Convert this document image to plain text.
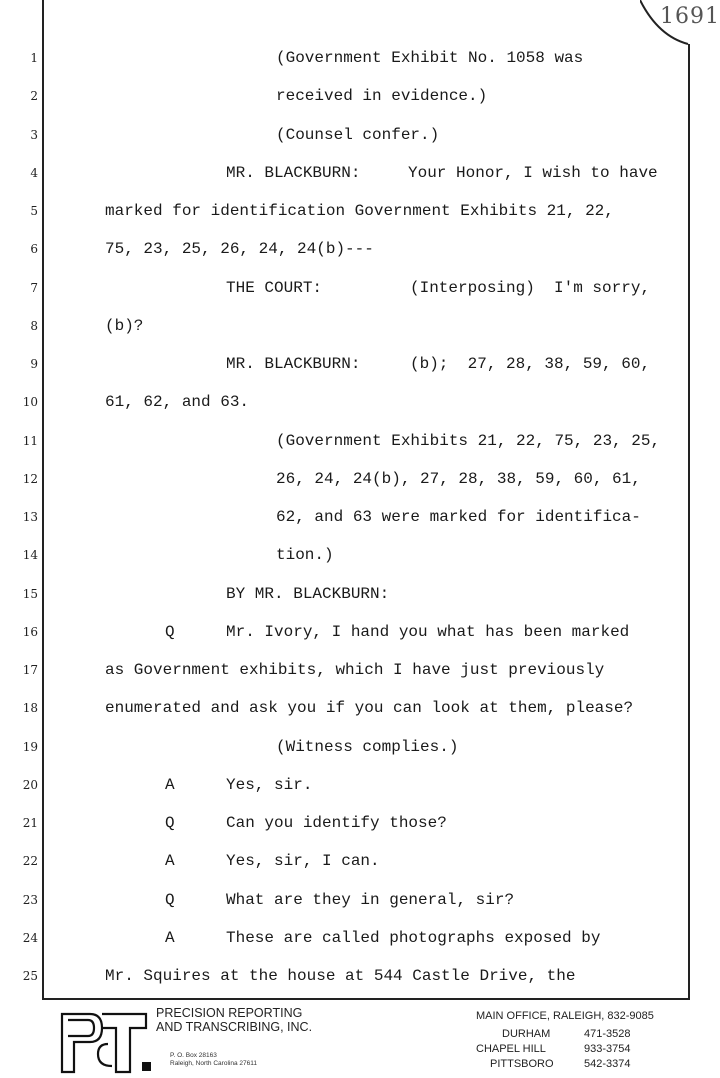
1691
1	(Government Exhibit No. 1058 was
2	received in evidence.)
3	(Counsel confer.)
4	MR. BLACKBURN:	Your Honor, I wish to have
5	marked for identification Government Exhibits 21, 22,
6	75, 23, 25, 26, 24, 24(b)---
7	THE COURT:	(Interposing)  I'm sorry,
8	(b)?
9	MR. BLACKBURN:	(b);  27, 28, 38, 59, 60,
10	61, 62, and 63.
11	(Government Exhibits 21, 22, 75, 23, 25,
12	26, 24, 24(b), 27, 28, 38, 59, 60, 61,
13	62, and 63 were marked for identifica-
14	tion.)
15	BY MR. BLACKBURN:
16	Q	Mr. Ivory, I hand you what has been marked
17	as Government exhibits, which I have just previously
18	enumerated and ask you if you can look at them, please?
19	(Witness complies.)
20	A	Yes, sir.
21	Q	Can you identify those?
22	A	Yes, sir, I can.
23	Q	What are they in general, sir?
24	A	These are called photographs exposed by
25	Mr. Squires at the house at 544 Castle Drive, the
PRECISION REPORTING
AND TRANSCRIBING, INC.
P. O. Box 28163
Raleigh, North Carolina 27611
MAIN OFFICE, RALEIGH, 832-9085
DURHAM	471-3528
CHAPEL HILL	933-3754
PITTSBORO	542-3374
